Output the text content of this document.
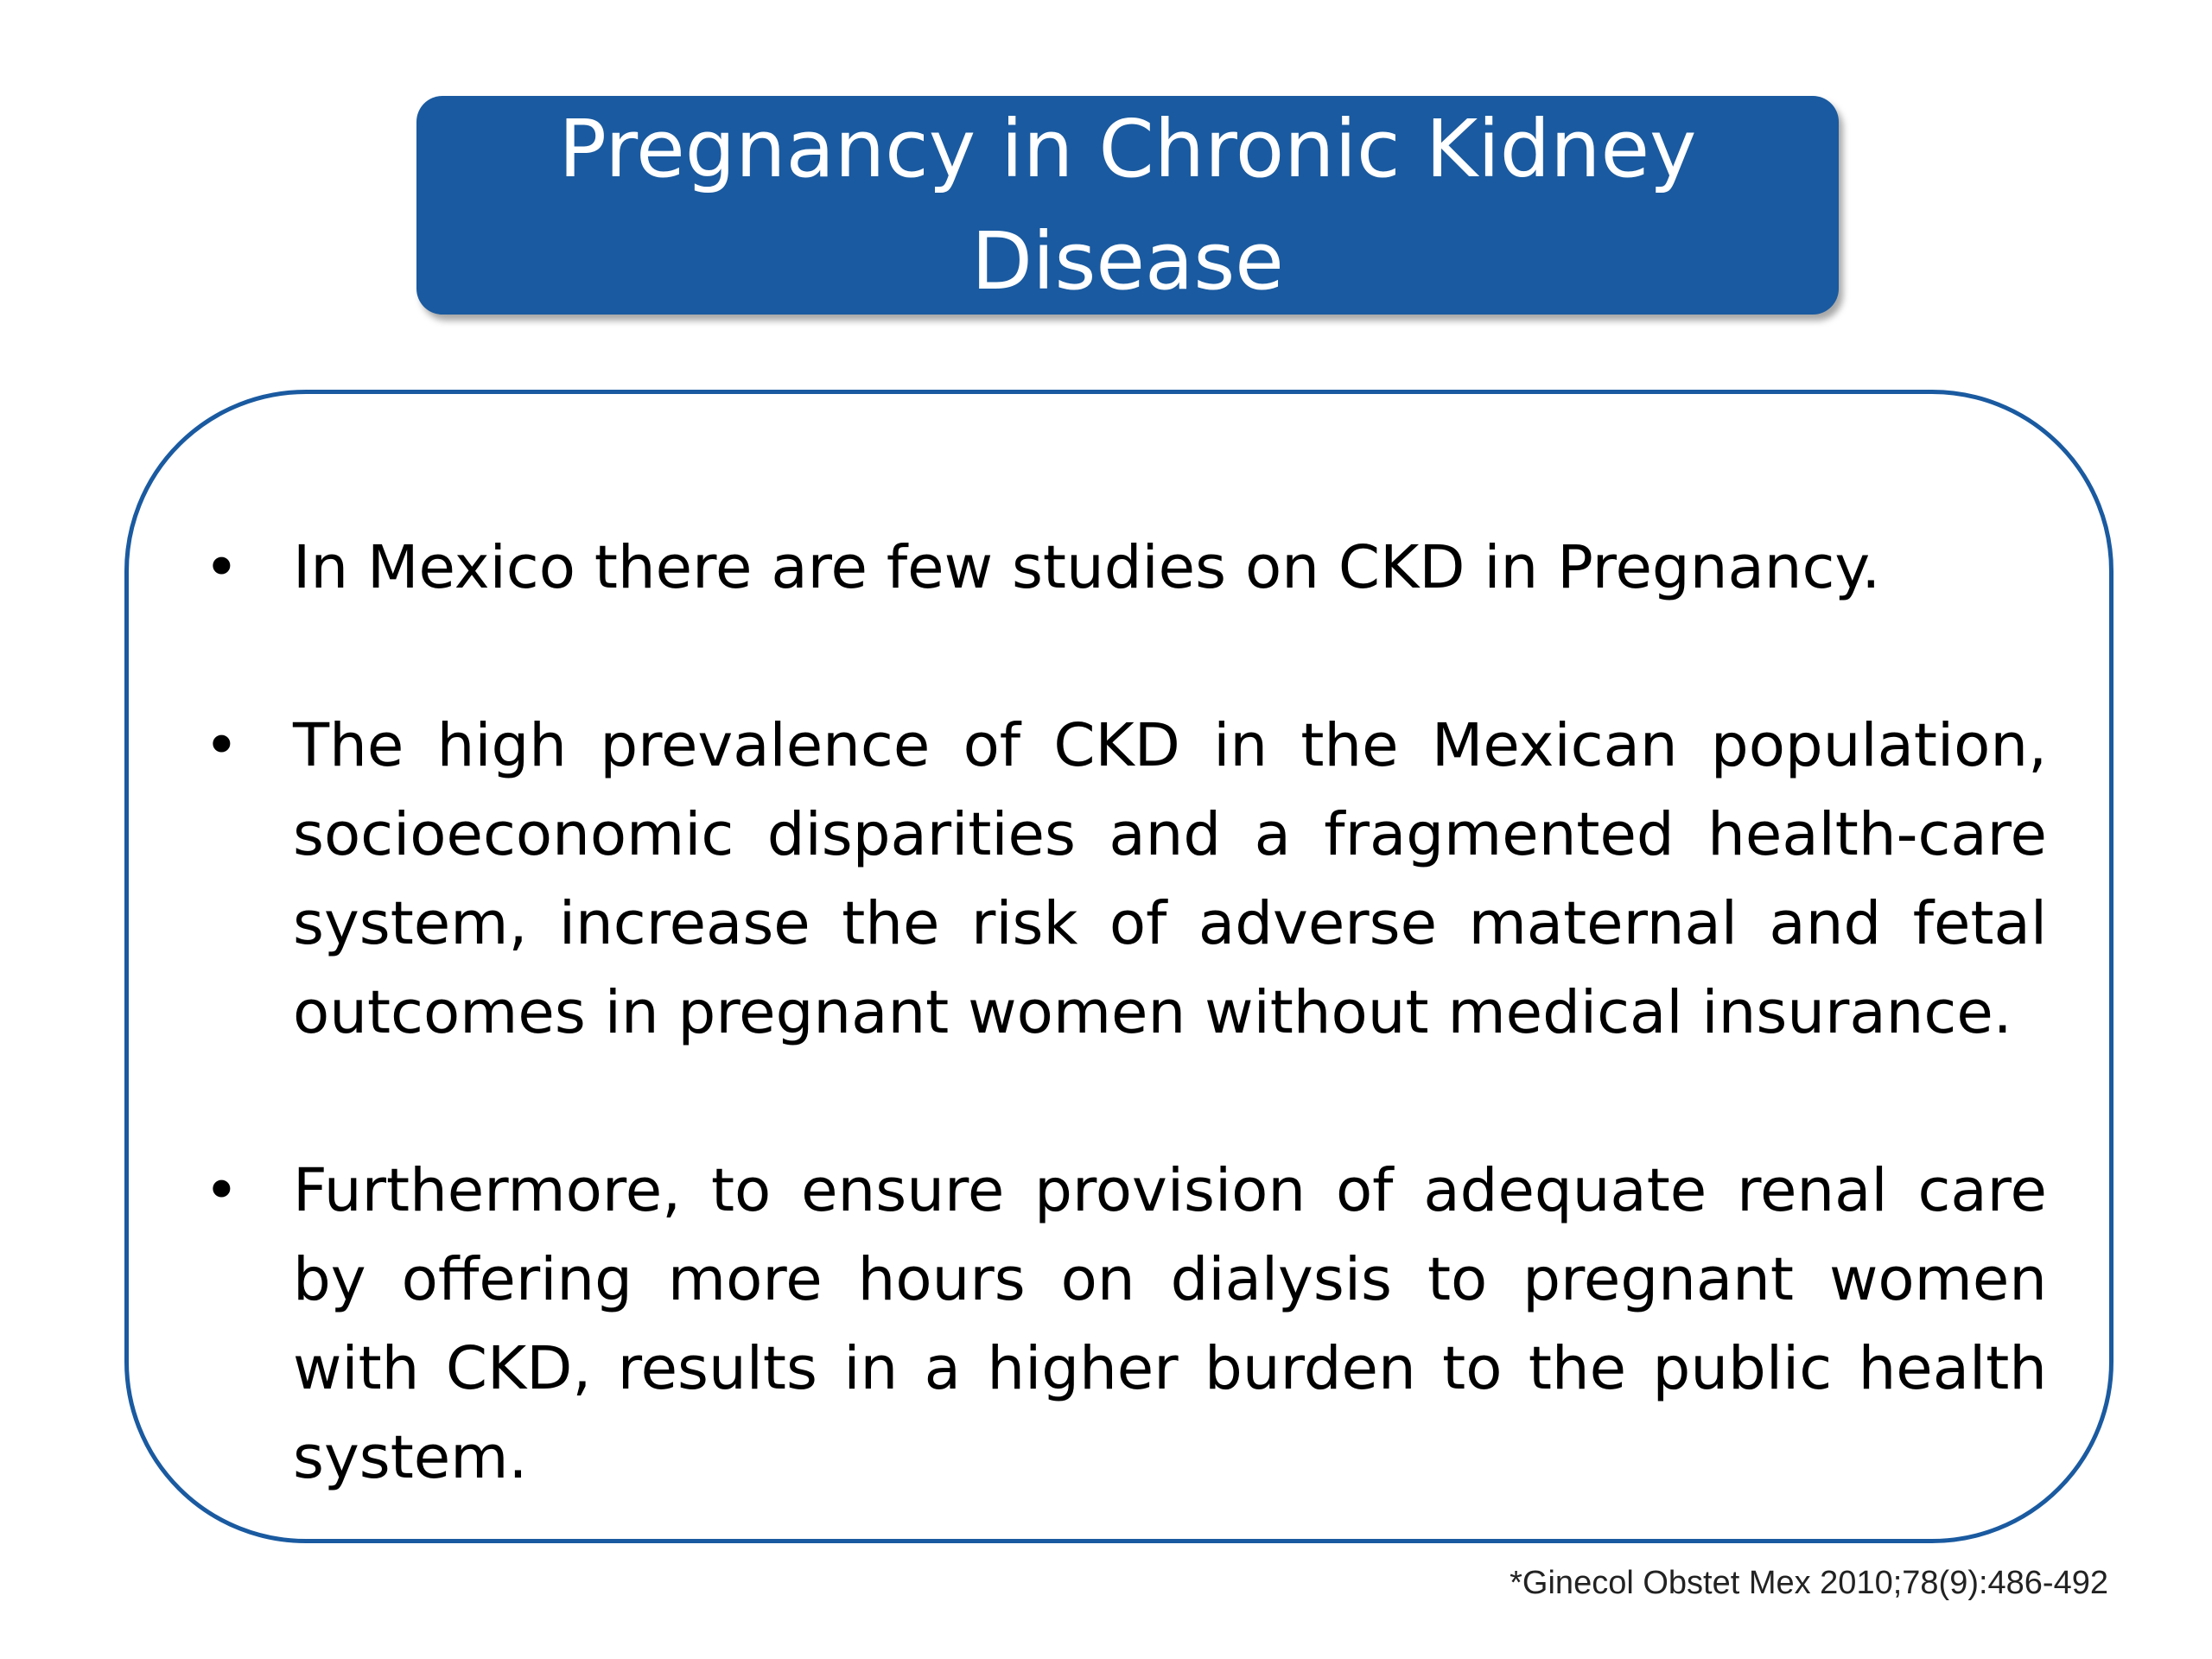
Pregnancy in Chronic Kidney
Disease
• In Mexico there are few studies on CKD in Pregnancy.
• The high prevalence of CKD in the Mexican population, socioeconomic disparities and a fragmented health-care system, increase the risk of adverse maternal and fetal outcomes in pregnant women without medical insurance.
• Furthermore, to ensure provision of adequate renal care by offering more hours on dialysis to pregnant women with CKD, results in a higher burden to the public health system.
*Ginecol Obstet Mex 2010;78(9):486-492
